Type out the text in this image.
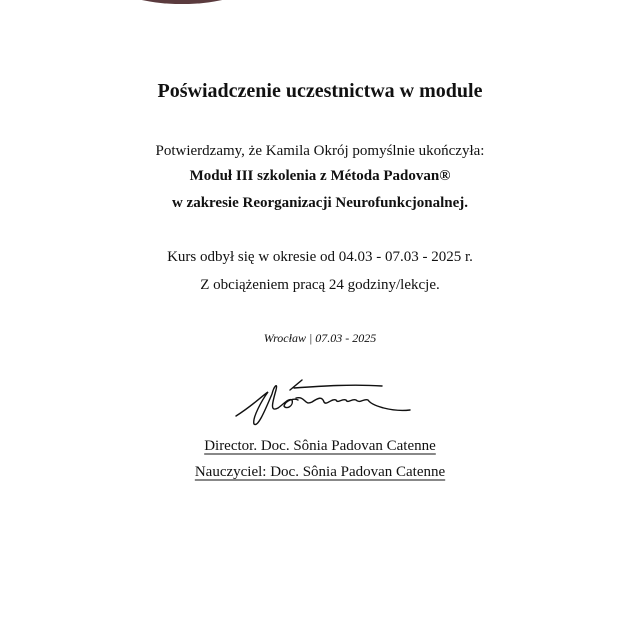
Poświadczenie uczestnictwa w module
Potwierdzamy, że Kamila Okrój pomyślnie ukończyła:
Moduł III szkolenia z Métoda Padovan®
w zakresie Reorganizacji Neurofunkcjonalnej.
Kurs odbył się w okresie od 04.03 - 07.03 - 2025 r.
Z obciążeniem pracą 24 godziny/lekcje.
Wrocław | 07.03 - 2025
Director. Doc. Sônia Padovan Catenne
Nauczyciel: Doc. Sônia Padovan Catenne
